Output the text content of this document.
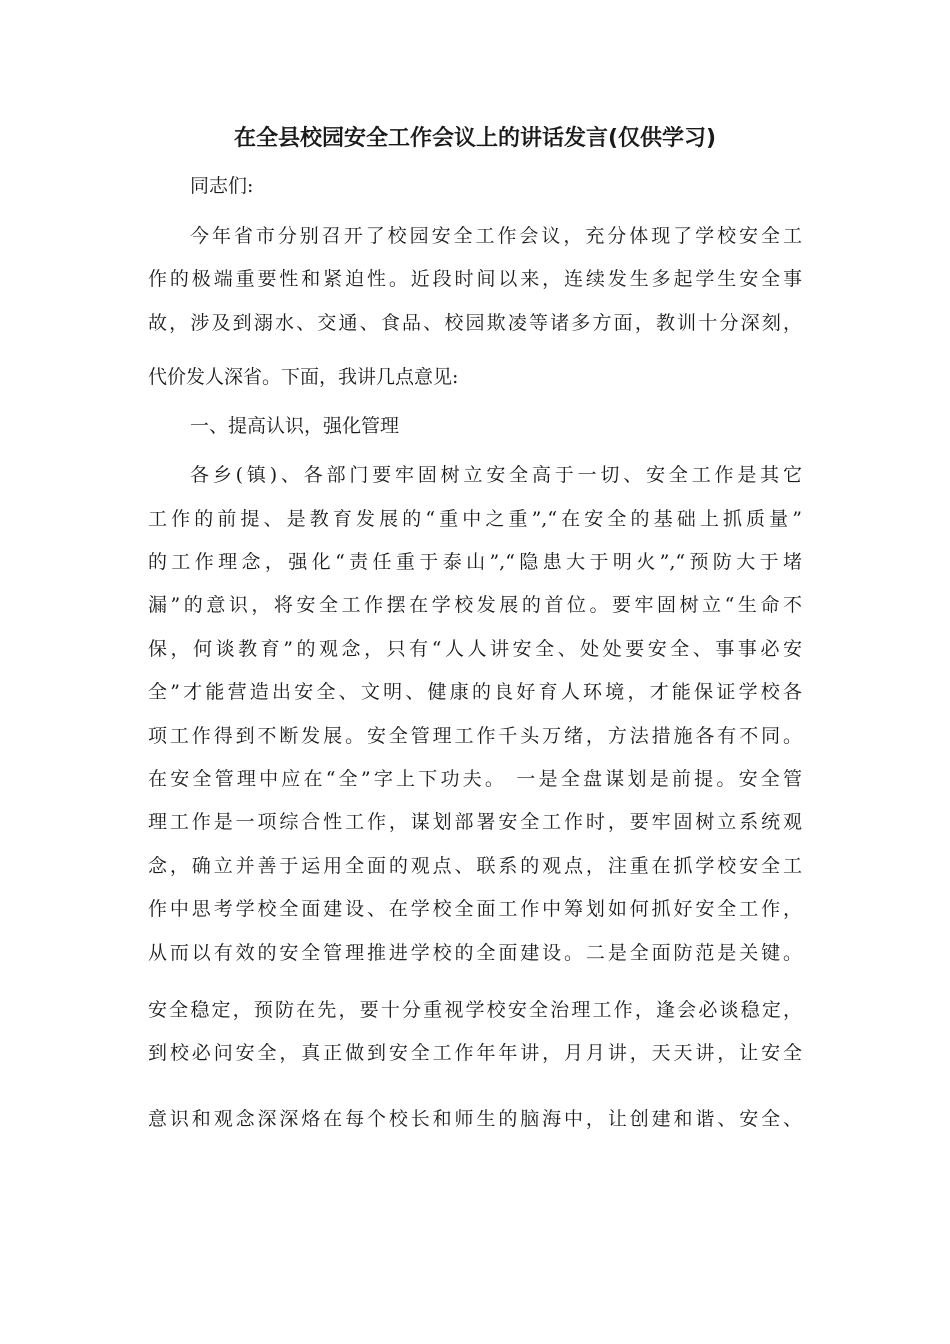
在全县校园安全工作会议上的讲话发言(仅供学习)
同志们:
今年省市分别召开了校园安全工作会议，充分体现了学校安全工
作的极端重要性和紧迫性。近段时间以来，连续发生多起学生安全事
故，涉及到溺水、交通、食品、校园欺凌等诸多方面，教训十分深刻，
代价发人深省。下面，我讲几点意见:
一、提高认识，强化管理
各乡(镇)、各部门要牢固树立安全高于一切、安全工作是其它
工作的前提、是教育发展的“重中之重”,“在安全的基础上抓质量”
的工作理念，强化“责任重于泰山”,“隐患大于明火”,“预防大于堵
漏”的意识，将安全工作摆在学校发展的首位。要牢固树立“生命不
保，何谈教育”的观念，只有“人人讲安全、处处要安全、事事必安
全”才能营造出安全、文明、健康的良好育人环境，才能保证学校各
项工作得到不断发展。安全管理工作千头万绪，方法措施各有不同。
在安全管理中应在“全”字上下功夫。 一是全盘谋划是前提。安全管
理工作是一项综合性工作，谋划部署安全工作时，要牢固树立系统观
念，确立并善于运用全面的观点、联系的观点，注重在抓学校安全工
作中思考学校全面建设、在学校全面工作中筹划如何抓好安全工作，
从而以有效的安全管理推进学校的全面建设。二是全面防范是关键。
安全稳定，预防在先，要十分重视学校安全治理工作，逢会必谈稳定，
到校必问安全，真正做到安全工作年年讲，月月讲，天天讲，让安全
意识和观念深深烙在每个校长和师生的脑海中，让创建和谐、安全、
